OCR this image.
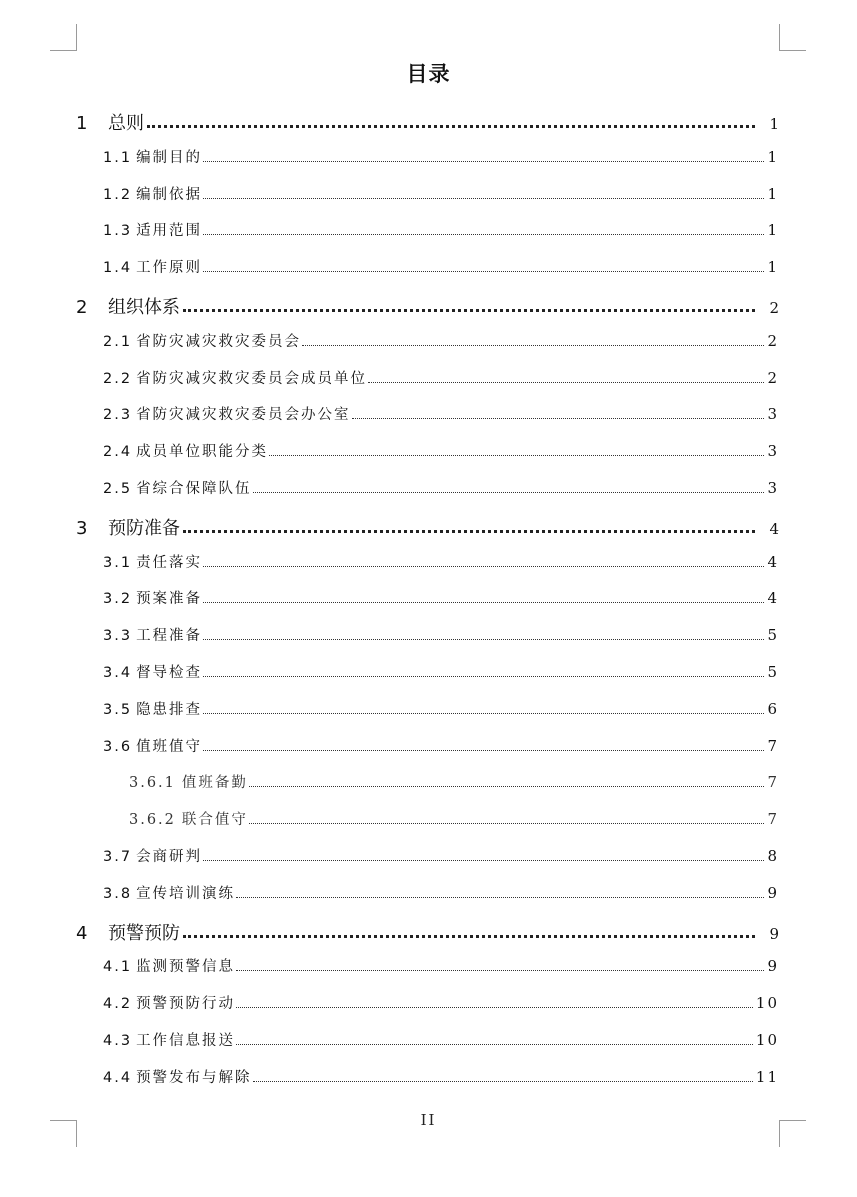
目录
1	总则	1
1.1 编制目的	1
1.2 编制依据	1
1.3 适用范围	1
1.4 工作原则	1
2	组织体系	2
2.1 省防灾减灾救灾委员会	2
2.2 省防灾减灾救灾委员会成员单位	2
2.3 省防灾减灾救灾委员会办公室	3
2.4 成员单位职能分类	3
2.5 省综合保障队伍	3
3	预防准备	4
3.1 责任落实	4
3.2 预案准备	4
3.3 工程准备	5
3.4 督导检查	5
3.5 隐患排查	6
3.6 值班值守	7
3.6.1 值班备勤	7
3.6.2 联合值守	7
3.7 会商研判	8
3.8 宣传培训演练	9
4	预警预防	9
4.1 监测预警信息	9
4.2 预警预防行动	10
4.3 工作信息报送	10
4.4 预警发布与解除	11
II
